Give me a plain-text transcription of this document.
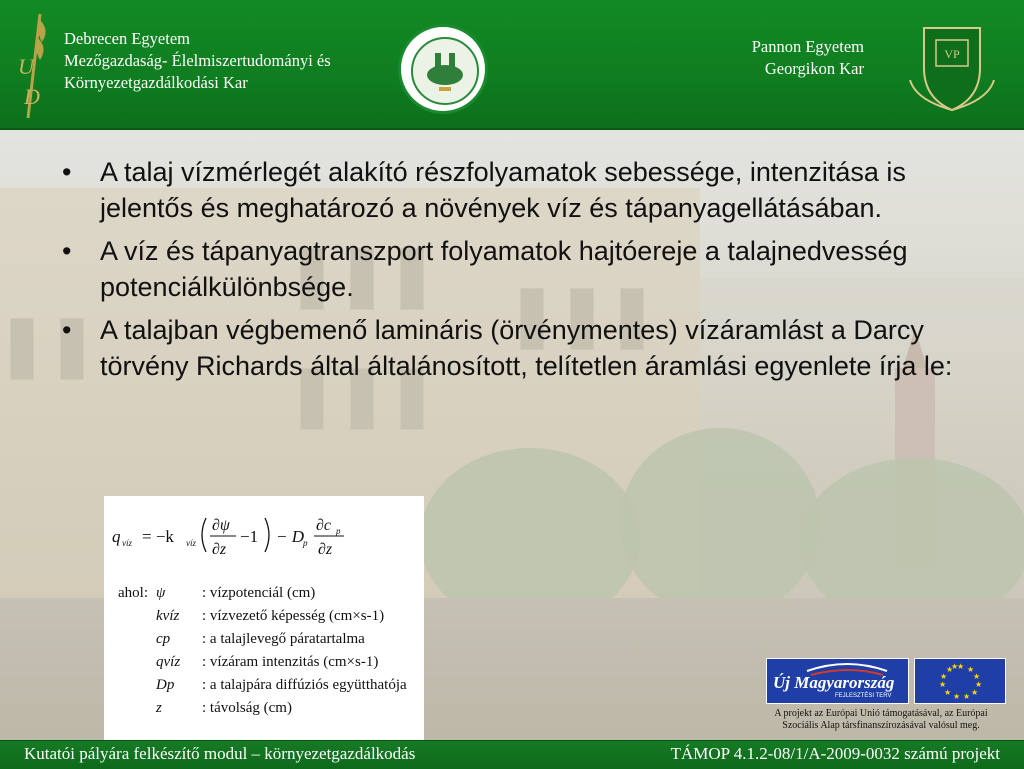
U
D
Debrecen Egyetem
Mezőgazdaság- Élelmiszertudományi és
Környezetgazdálkodási Kar
Pannon Egyetem
Georgikon Kar
VP
• A talaj vízmérlegét alakító részfolyamatok sebessége, intenzitása is jelentős és meghatározó a növények víz és tápanyagellátásában.
• A víz és tápanyagtranszport folyamatok hajtóereje a talajnedvesség potenciálkülönbsége.
• A talajban végbemenő lamináris (örvénymentes) vízáramlást a Darcy törvény Richards által általánosított, telítetlen áramlási egyenlete írja le:
q víz = −k víz
∂ψ
∂z
−1 − D p
∂c p
∂z
ahol: ψ : vízpotenciál (cm)
kvíz : vízvezető képesség (cm×s-1)
cp : a talajlevegő páratartalma
qvíz : vízáram intenzitás (cm×s-1)
Dp : a talajpára diffúziós együtthatója
z	: távolság (cm)
Új Magyarország
FEJLESZTÉSI TERV
★ ★
★
★
★
★
★
★
★
★
★
★
A projekt az Európai Unió támogatásával, az Európai
Szociális Alap társfinanszírozásával valósul meg.
Kutatói pályára felkészítő modul – környezetgazdálkodás	TÁMOP 4.1.2-08/1/A-2009-0032 számú projekt
